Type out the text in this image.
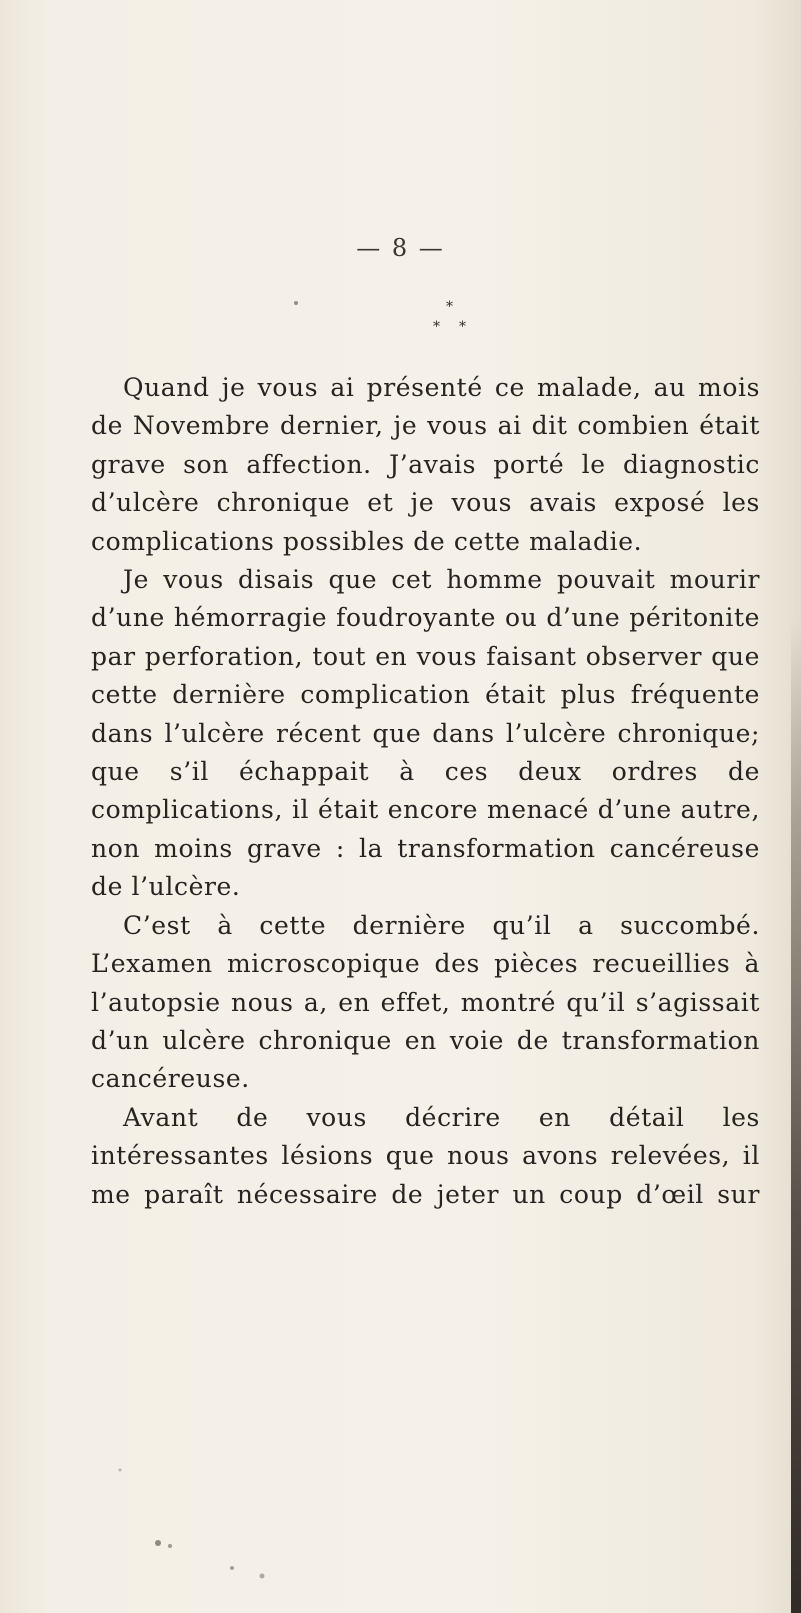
— 8 —
*
* *

Quand je vous ai présenté ce malade, au mois de Novembre dernier, je vous ai dit combien était grave son affection. J’avais porté le diagnostic d’ulcère chronique et je vous avais exposé les complications possibles de cette maladie.

Je vous disais que cet homme pouvait mourir d’une hémorragie foudroyante ou d’une péritonite par perforation, tout en vous faisant observer que cette dernière complication était plus fréquente dans l’ulcère récent que dans l’ulcère chronique; que s’il échappait à ces deux ordres de complications, il était encore menacé d’une autre, non moins grave : la transformation cancéreuse de l’ulcère.

C’est à cette dernière qu’il a succombé. L’examen microscopique des pièces recueillies à l’autopsie nous a, en effet, montré qu’il s’agissait d’un ulcère chronique en voie de transformation cancéreuse.

Avant de vous décrire en détail les intéressantes lésions que nous avons relevées, il me paraît nécessaire de jeter un coup d’œil sur
